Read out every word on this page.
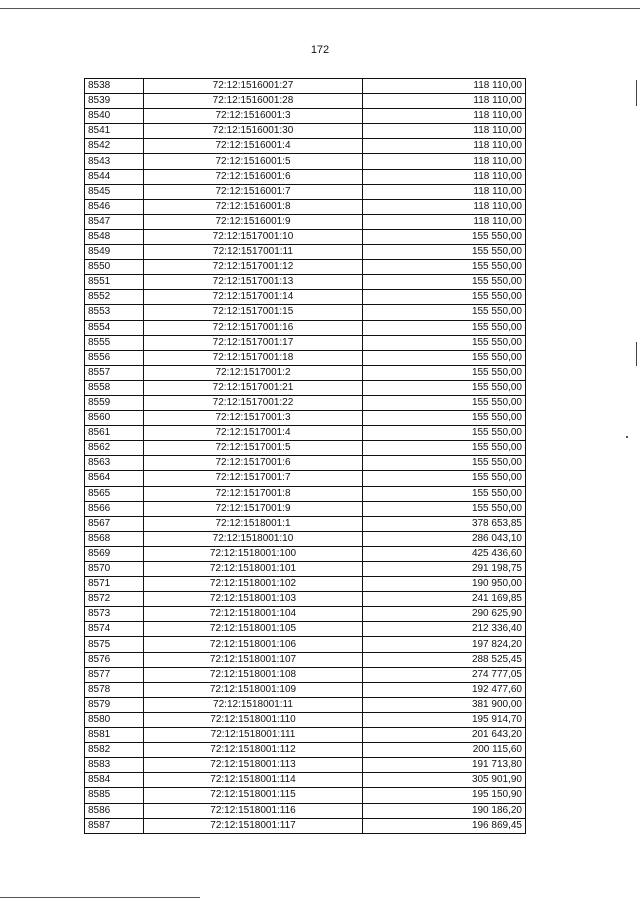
172
8538	72:12:1516001:27	118 110,00
8539	72:12:1516001:28	118 110,00
8540	72:12:1516001:3	118 110,00
8541	72:12:1516001:30	118 110,00
8542	72:12:1516001:4	118 110,00
8543	72:12:1516001:5	118 110,00
8544	72:12:1516001:6	118 110,00
8545	72:12:1516001:7	118 110,00
8546	72:12:1516001:8	118 110,00
8547	72:12:1516001:9	118 110,00
8548	72:12:1517001:10	155 550,00
8549	72:12:1517001:11	155 550,00
8550	72:12:1517001:12	155 550,00
8551	72:12:1517001:13	155 550,00
8552	72:12:1517001:14	155 550,00
8553	72:12:1517001:15	155 550,00
8554	72:12:1517001:16	155 550,00
8555	72:12:1517001:17	155 550,00
8556	72:12:1517001:18	155 550,00
8557	72:12:1517001:2	155 550,00
8558	72:12:1517001:21	155 550,00
8559	72:12:1517001:22	155 550,00
8560	72:12:1517001:3	155 550,00
8561	72:12:1517001:4	155 550,00
8562	72:12:1517001:5	155 550,00
8563	72:12:1517001:6	155 550,00
8564	72:12:1517001:7	155 550,00
8565	72:12:1517001:8	155 550,00
8566	72:12:1517001:9	155 550,00
8567	72:12:1518001:1	378 653,85
8568	72:12:1518001:10	286 043,10
8569	72:12:1518001:100	425 436,60
8570	72:12:1518001:101	291 198,75
8571	72:12:1518001:102	190 950,00
8572	72:12:1518001:103	241 169,85
8573	72:12:1518001:104	290 625,90
8574	72:12:1518001:105	212 336,40
8575	72:12:1518001:106	197 824,20
8576	72:12:1518001:107	288 525,45
8577	72:12:1518001:108	274 777,05
8578	72:12:1518001:109	192 477,60
8579	72:12:1518001:11	381 900,00
8580	72:12:1518001:110	195 914,70
8581	72:12:1518001:111	201 643,20
8582	72:12:1518001:112	200 115,60
8583	72:12:1518001:113	191 713,80
8584	72:12:1518001:114	305 901,90
8585	72:12:1518001:115	195 150,90
8586	72:12:1518001:116	190 186,20
8587	72:12:1518001:117	196 869,45
